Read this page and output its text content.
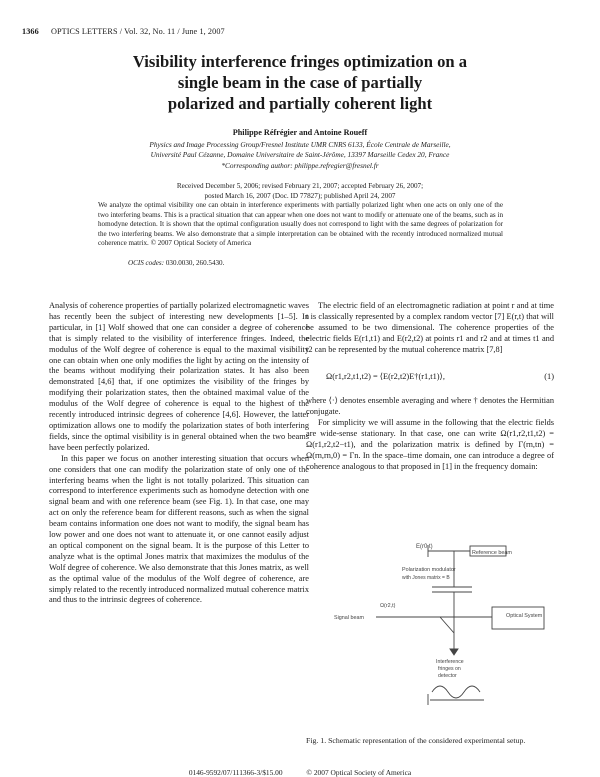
1366 OPTICS LETTERS / Vol. 32, No. 11 / June 1, 2007
Visibility interference fringes optimization on a
single beam in the case of partially
polarized and partially coherent light
Philippe Réfrégier and Antoine Roueff
Physics and Image Processing Group/Fresnel Institute UMR CNRS 6133, École Centrale de Marseille,
Université Paul Cézanne, Domaine Universitaire de Saint-Jérôme, 13397 Marseille Cedex 20, France
*Corresponding author: philippe.refregier@fresnel.fr
Received December 5, 2006; revised February 21, 2007; accepted February 26, 2007;
posted March 16, 2007 (Doc. ID 77827); published April 24, 2007
We analyze the optimal visibility one can obtain in interference experiments with partially polarized light when one acts on only one of the two interfering beams. This is a practical situation that can appear when one does not want to modify or attenuate one of the beams, such as in homodyne detection. It is shown that the optimal configuration usually does not correspond to light with the same degrees of polarization for the two interfering beams. We also demonstrate that a simple interpretation can be obtained with the recently introduced normalized mutual coherence matrix. © 2007 Optical Society of America
OCIS codes: 030.0030, 260.5430.

Analysis of coherence properties of partially polarized electromagnetic waves has recently been the subject of interesting new developments [1–5]. In particular, in [1] Wolf showed that one can consider a degree of coherence that is simply related to the visibility of interference fringes. Indeed, the modulus of the Wolf degree of coherence is equal to the maximal visibility one can obtain when one only modifies the light by acting on the intensity of the beams without modifying their polarization states. It has also been demonstrated [4,6] that, if one optimizes the visibility of the fringes by modifying their polarization states, then the obtained maximal value of the modulus of the Wolf degree of coherence is equal to the highest of the recently introduced intrinsic degrees of coherence [4,6]. However, the latter optimization allows one to modify the polarization states of both interfering fields, since the optimal visibility is in general obtained when the two beams have been perfectly polarized.

In this paper we focus on another interesting situation that occurs when one considers that one can modify the polarization state of only one of the interfering beams when the light is not totally polarized. This situation can correspond to interference experiments such as homodyne detection with one signal beam and with one reference beam (see Fig. 1). In that case, one may act on only the reference beam for different reasons, such as when the signal beam contains information one does not want to modify, the signal beam has low power and one does not want to attenuate it, or one cannot easily adjust an optical component on the signal beam. It is the purpose of this Letter to analyze what is the optimal Jones matrix that maximizes the modulus of the Wolf degree of coherence. We also demonstrate that this Jones matrix, as well as the optimal value of the modulus of the Wolf degree of coherence, are simply related to the recently introduced normalized mutual coherence matrix and thus to the intrinsic degrees of coherence.

The electric field of an electromagnetic radiation at point r and at time t is classically represented by a complex random vector [7] E(r,t) that will be assumed to be two dimensional. The coherence properties of the electric fields E(r1,t1) and E(r2,t2) at points r1 and r2 and at times t1 and t2 can be represented by the mutual coherence matrix [7,8]

Ω(r1,r2,t1,t2) = ⟨E(r2,t2)E†(r1,t1)⟩,	(1)

where ⟨·⟩ denotes ensemble averaging and where † denotes the Hermitian conjugate.

For simplicity we will assume in the following that the electric fields are wide-sense stationary. In that case, one can write Ω(r1,r2,t1,t2) = Ω(r1,r2,t2−t1), and the polarization matrix is defined by Γ(rn,tn) = Ω(rn,rn,0) = Γn. In the space–time domain, one can introduce a degree of coherence analogous to that proposed in [1] in the frequency domain:

E(r0,t)
Reference beam
Polarization modulator
with Jones matrix = B
Signal beam
Ω(r2,t)
Optical System
Interference
fringes on
detector
Fig. 1. Schematic representation of the considered experimental setup.
0146-9592/07/111366-3/$15.00	© 2007 Optical Society of America
